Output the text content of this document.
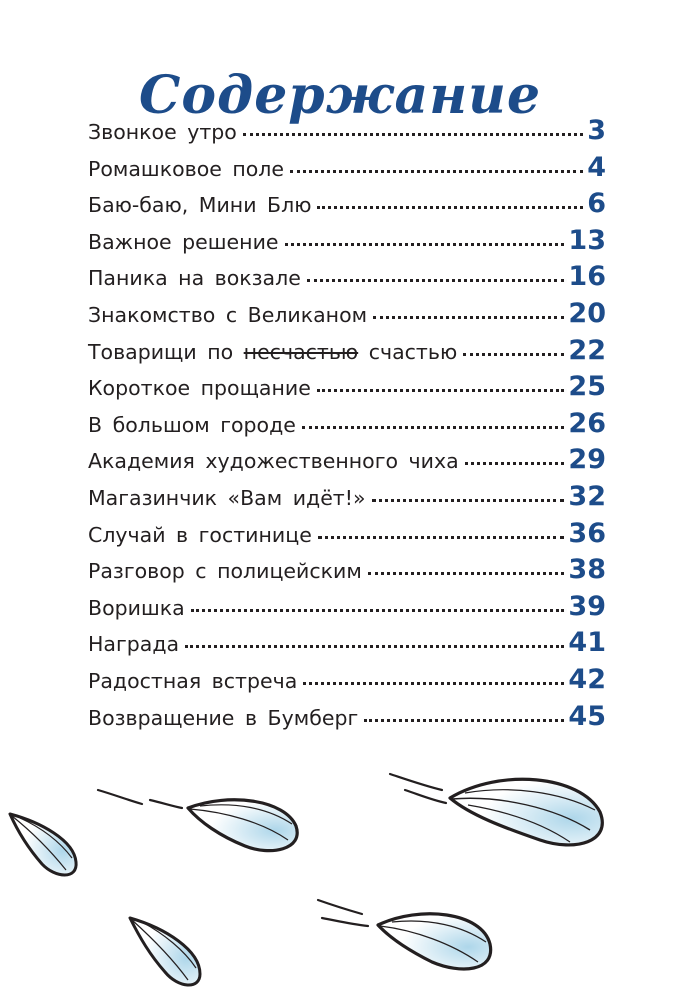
Содержание
Звонкое утро	3
Ромашковое поле	4
Баю-баю, Мини Блю	6
Важное решение	13
Паника на вокзале	16
Знакомство с Великаном	20
Товарищи по несчастью счастью	22
Короткое прощание	25
В большом городе	26
Академия художественного чиха	29
Магазинчик «Вам идёт!»	32
Случай в гостинице	36
Разговор с полицейским	38
Воришка	39
Награда	41
Радостная встреча	42
Возвращение в Бумберг	45
